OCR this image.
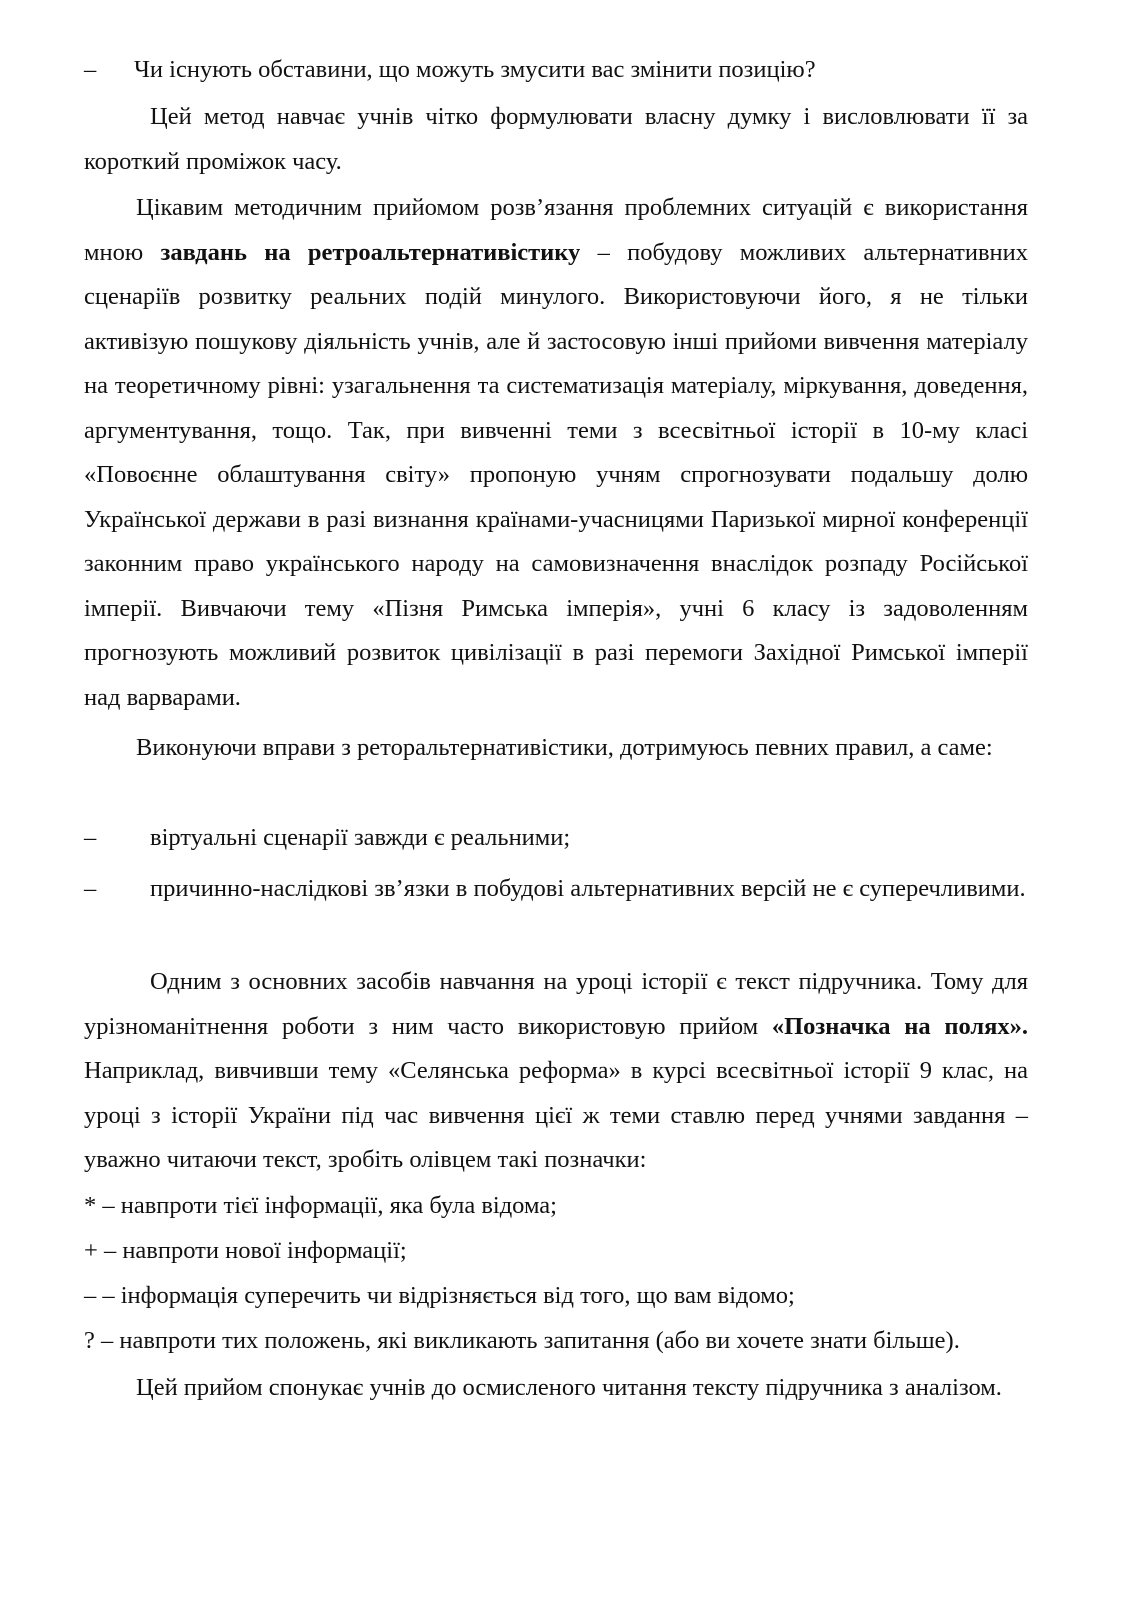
– Чи існують обставини, що можуть змусити вас змінити позицію?

Цей метод навчає учнів чітко формулювати власну думку і висловлювати її за

короткий проміжок часу.

Цікавим методичним прийомом розв’язання проблемних ситуацій є використання мною завдань на ретроальтернативістику – побудову можливих альтернативних сценаріїв розвитку реальних подій минулого. Використовуючи його, я не тільки активізую пошукову діяльність учнів, але й застосовую інші прийоми вивчення матеріалу на теоретичному рівні: узагальнення та систематизація матеріалу, міркування, доведення, аргументування, тощо. Так, при вивченні теми з всесвітньої історії в 10-му класі «Повоєнне облаштування світу» пропоную учням спрогнозувати подальшу долю Української держави в разі визнання країнами-учасницями Паризької мирної конференції законним право українського народу на самовизначення внаслідок розпаду Російської імперії. Вивчаючи тему «Пізня Римська імперія», учні 6 класу із задоволенням прогнозують можливий розвиток цивілізації в разі перемоги Західної Римської імперії над варварами.

Виконуючи вправи з реторальтернативістики, дотримуюсь певних правил, а саме:

– віртуальні сценарії завжди є реальними;

– причинно-наслідкові зв’язки в побудові альтернативних версій не є суперечливими.

Одним з основних засобів навчання на уроці історії є текст підручника. Тому для урізноманітнення роботи з ним часто використовую прийом «Позначка на полях». Наприклад, вивчивши тему «Селянська реформа» в курсі всесвітньої історії 9 клас, на уроці з історії України під час вивчення цієї ж теми ставлю перед учнями завдання – уважно читаючи текст, зробіть олівцем такі позначки:

* – навпроти тієї інформації, яка була відома;

+ – навпроти нової інформації;

– – інформація суперечить чи відрізняється від того, що вам відомо;

? – навпроти тих положень, які викликають запитання (або ви хочете знати більше).

Цей прийом спонукає учнів до осмисленого читання тексту підручника з аналізом.
